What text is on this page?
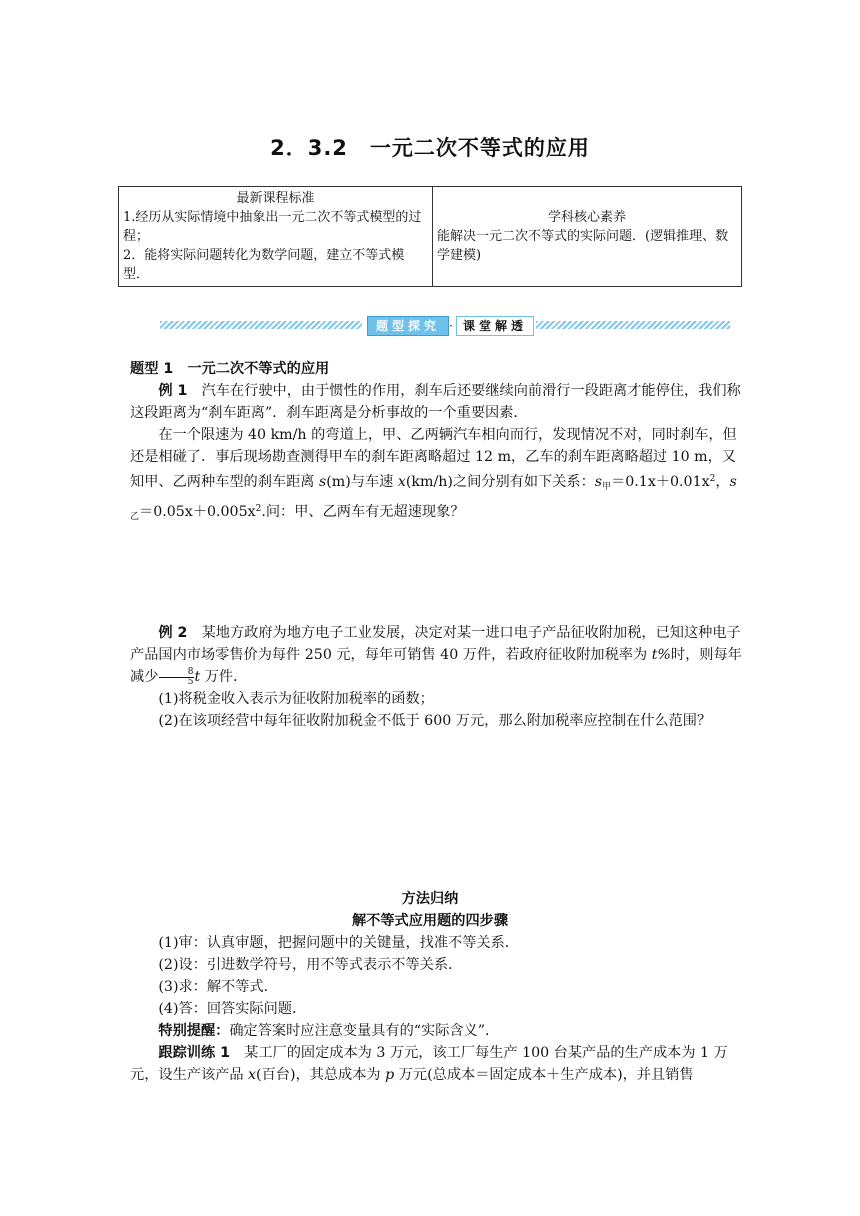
2．3.2　一元二次不等式的应用
最新课程标准
1.经历从实际情境中抽象出一元二次不等式模型的过程；
2．能将实际问题转化为数学问题，建立不等式模型．

学科核心素养
能解决一元二次不等式的实际问题．(逻辑推理、数学建模)
题型探究 · 课堂解透
题型 1　一元二次不等式的应用
例 1　汽车在行驶中，由于惯性的作用，刹车后还要继续向前滑行一段距离才能停住，我们称这段距离为“刹车距离”．刹车距离是分析事故的一个重要因素．
在一个限速为 40 km/h 的弯道上，甲、乙两辆汽车相向而行，发现情况不对，同时刹车，但还是相碰了．事后现场勘查测得甲车的刹车距离略超过 12 m，乙车的刹车距离略超过 10 m，又知甲、乙两种车型的刹车距离 s(m)与车速 x(km/h)之间分别有如下关系：$s_甲=0.1x+0.01x^2$，$s_乙=0.05x+0.005x^2$.问：甲、乙两车有无超速现象？
例 2　某地方政府为地方电子工业发展，决定对某一进口电子产品征收附加税，已知这种电子产品国内市场零售价为每件 250 元，每年可销售 40 万件，若政府征收附加税率为 t%时，则每年减少 $\frac{8}{5}$ t 万件．
(1)将税金收入表示为征收附加税率的函数；
(2)在该项经营中每年征收附加税金不低于 600 万元，那么附加税率应控制在什么范围？
方法归纳
解不等式应用题的四步骤
(1)审：认真审题，把握问题中的关键量，找准不等关系．
(2)设：引进数学符号，用不等式表示不等关系．
(3)求：解不等式．
(4)答：回答实际问题．
特别提醒：确定答案时应注意变量具有的“实际含义”．
跟踪训练 1　某工厂的固定成本为 3 万元，该工厂每生产 100 台某产品的生产成本为 1 万元，设生产该产品 x(百台)，其总成本为 p 万元(总成本＝固定成本＋生产成本)，并且销售
